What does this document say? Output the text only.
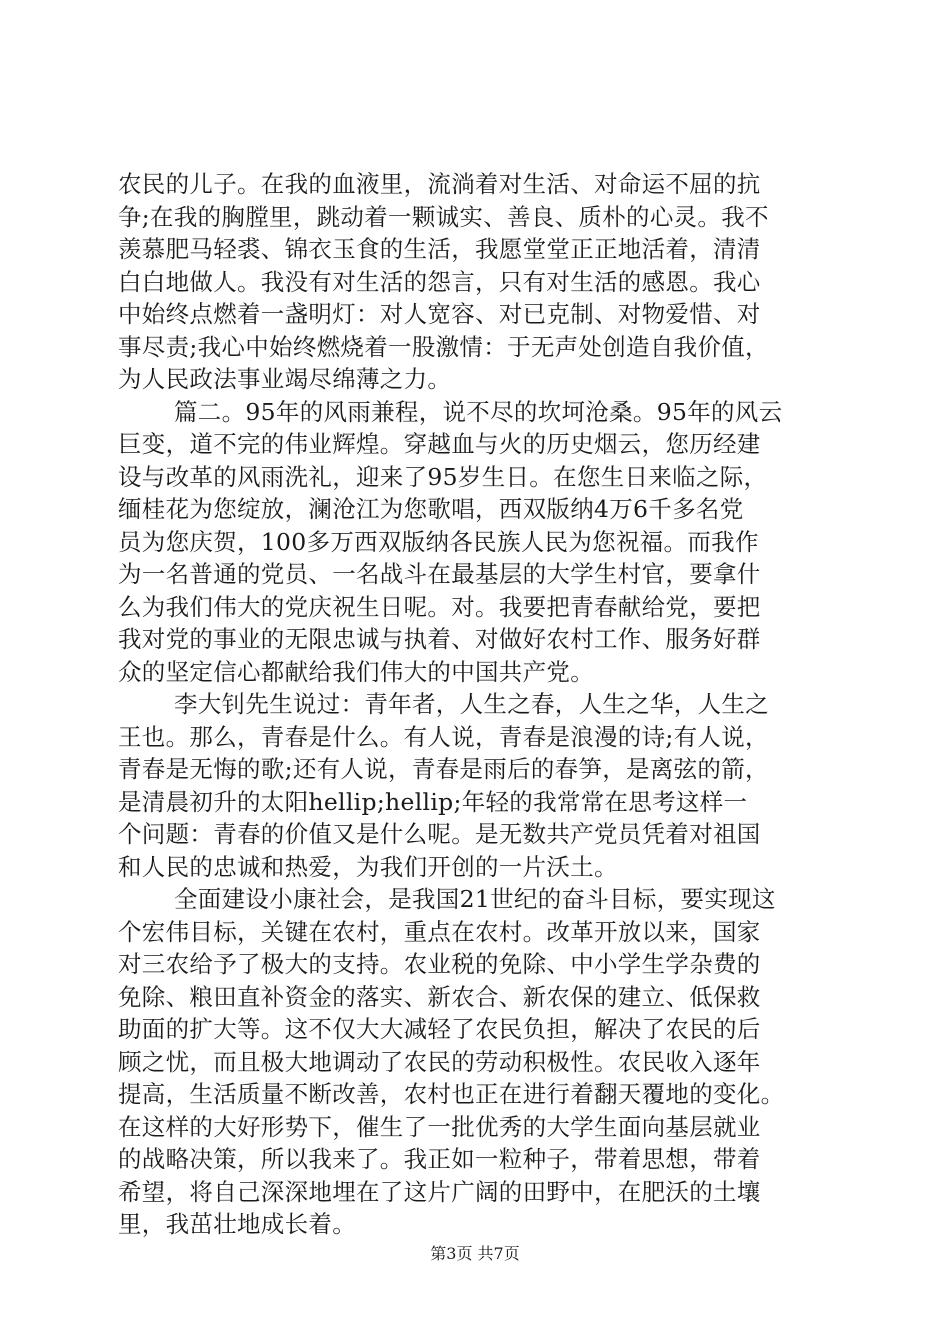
农民的儿子。在我的血液里，流淌着对生活、对命运不屈的抗
争;在我的胸膛里，跳动着一颗诚实、善良、质朴的心灵。我不
羡慕肥马轻裘、锦衣玉食的生活，我愿堂堂正正地活着，清清
白白地做人。我没有对生活的怨言，只有对生活的感恩。我心
中始终点燃着一盏明灯：对人宽容、对已克制、对物爱惜、对
事尽责;我心中始终燃烧着一股激情：于无声处创造自我价值，
为人民政法事业竭尽绵薄之力。
篇二。95年的风雨兼程，说不尽的坎坷沧桑。95年的风云
巨变，道不完的伟业辉煌。穿越血与火的历史烟云，您历经建
设与改革的风雨洗礼，迎来了95岁生日。在您生日来临之际，
缅桂花为您绽放，澜沧江为您歌唱，西双版纳4万6千多名党
员为您庆贺，100多万西双版纳各民族人民为您祝福。而我作
为一名普通的党员、一名战斗在最基层的大学生村官，要拿什
么为我们伟大的党庆祝生日呢。对。我要把青春献给党，要把
我对党的事业的无限忠诚与执着、对做好农村工作、服务好群
众的坚定信心都献给我们伟大的中国共产党。
李大钊先生说过：青年者，人生之春，人生之华，人生之
王也。那么，青春是什么。有人说，青春是浪漫的诗;有人说，
青春是无悔的歌;还有人说，青春是雨后的春笋，是离弦的箭，
是清晨初升的太阳hellip;hellip;年轻的我常常在思考这样一
个问题：青春的价值又是什么呢。是无数共产党员凭着对祖国
和人民的忠诚和热爱，为我们开创的一片沃土。
全面建设小康社会，是我国21世纪的奋斗目标，要实现这
个宏伟目标，关键在农村，重点在农村。改革开放以来，国家
对三农给予了极大的支持。农业税的免除、中小学生学杂费的
免除、粮田直补资金的落实、新农合、新农保的建立、低保救
助面的扩大等。这不仅大大减轻了农民负担，解决了农民的后
顾之忧，而且极大地调动了农民的劳动积极性。农民收入逐年
提高，生活质量不断改善，农村也正在进行着翻天覆地的变化。
在这样的大好形势下，催生了一批优秀的大学生面向基层就业
的战略决策，所以我来了。我正如一粒种子，带着思想，带着
希望，将自己深深地埋在了这片广阔的田野中，在肥沃的土壤
里，我茁壮地成长着。
第3页 共7页
